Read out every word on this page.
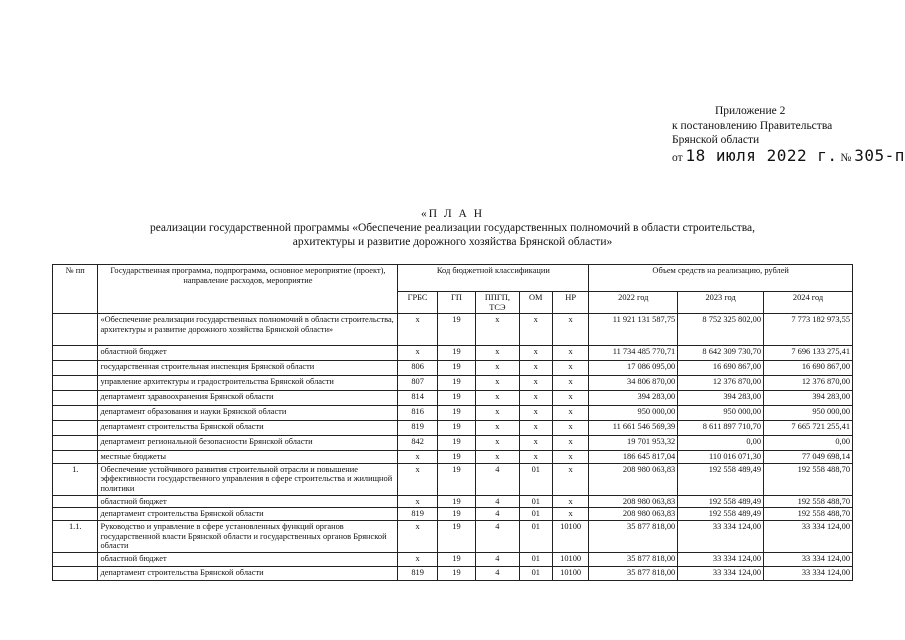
Приложение 2
к постановлению Правительства
Брянской области
от 18 июля 2022 г. № 305-п
«П Л А Н
реализации государственной программы «Обеспечение реализации государственных полномочий в области строительства,
архитектуры и развитие дорожного хозяйства Брянской области»
№ пп	Государственная программа, подпрограмма, основное мероприятие (проект), направление расходов, мероприятие	Код бюджетной классификации					Объем средств на реализацию, рублей		
		ГРБС	ГП	ППГП, ТСЭ	ОМ	НР	2022 год	2023 год	2024 год
	«Обеспечение реализации государственных полномочий в области строительства, архитектуры и развитие дорожного хозяйства Брянской области»	х	19	х	х	х	11 921 131 587,75	8 752 325 802,00	7 773 182 973,55
	областной бюджет	х	19	х	х	х	11 734 485 770,71	8 642 309 730,70	7 696 133 275,41
	государственная строительная инспекция Брянской области	806	19	х	х	х	17 086 095,00	16 690 867,00	16 690 867,00
	управление архитектуры и градостроительства Брянской области	807	19	х	х	х	34 806 870,00	12 376 870,00	12 376 870,00
	департамент здравоохранения Брянской области	814	19	х	х	х	394 283,00	394 283,00	394 283,00
	департамент образования и науки Брянской области	816	19	х	х	х	950 000,00	950 000,00	950 000,00
	департамент строительства Брянской области	819	19	х	х	х	11 661 546 569,39	8 611 897 710,70	7 665 721 255,41
	департамент региональной безопасности Брянской области	842	19	х	х	х	19 701 953,32	0,00	0,00
	местные бюджеты	х	19	х	х	х	186 645 817,04	110 016 071,30	77 049 698,14
1.	Обеспечение устойчивого развития строительной отрасли и повышение эффективности государственного управления в сфере строительства и жилищной политики	х	19	4	01	х	208 980 063,83	192 558 489,49	192 558 488,70
	областной бюджет	х	19	4	01	х	208 980 063,83	192 558 489,49	192 558 488,70
	департамент строительства Брянской области	819	19	4	01	х	208 980 063,83	192 558 489,49	192 558 488,70
1.1.	Руководство и управление в сфере установленных функций органов государственной власти Брянской области и государственных органов Брянской области	х	19	4	01	10100	35 877 818,00	33 334 124,00	33 334 124,00
	областной бюджет	х	19	4	01	10100	35 877 818,00	33 334 124,00	33 334 124,00
	департамент строительства Брянской области	819	19	4	01	10100	35 877 818,00	33 334 124,00	33 334 124,00
